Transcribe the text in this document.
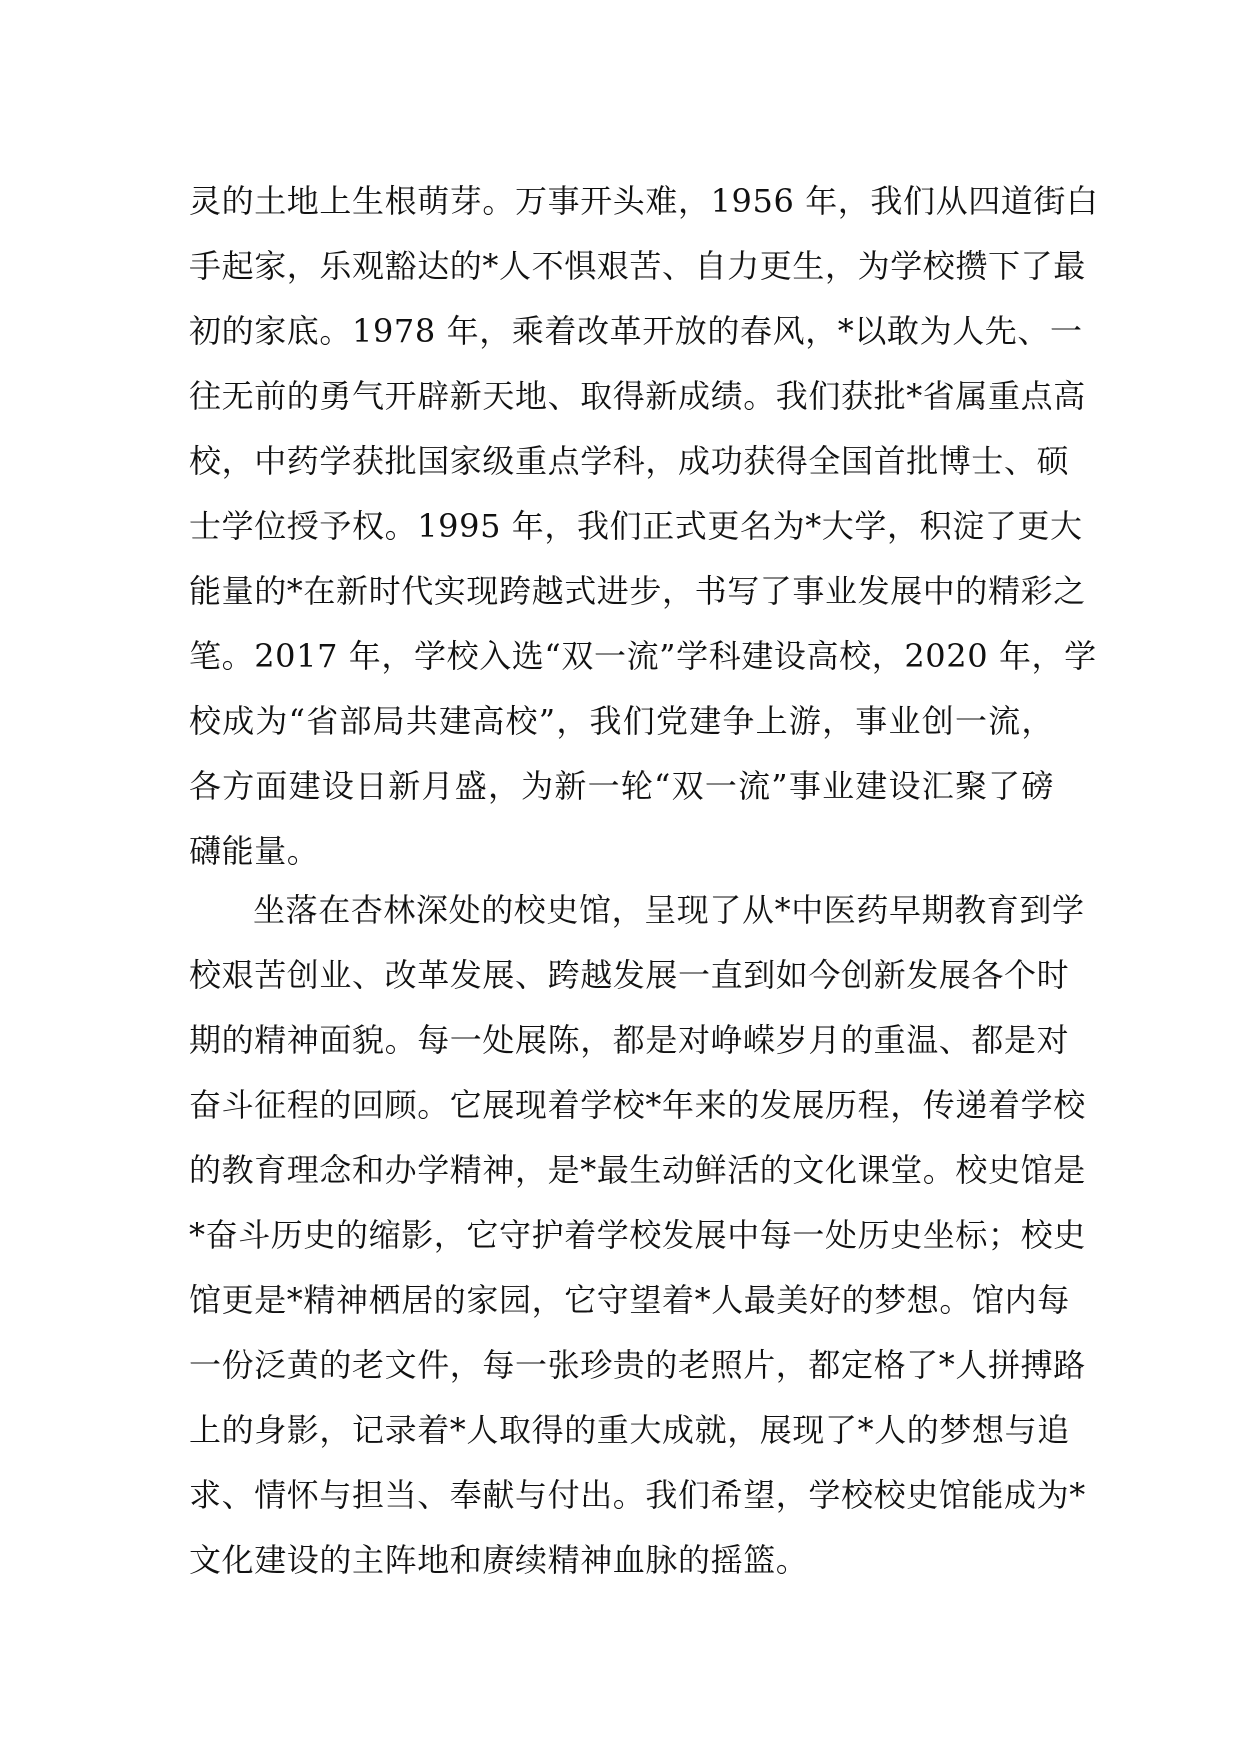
灵的土地上生根萌芽。万事开头难，1956 年，我们从四道街白
手起家，乐观豁达的*人不惧艰苦、自力更生，为学校攒下了最
初的家底。1978 年，乘着改革开放的春风，*以敢为人先、一
往无前的勇气开辟新天地、取得新成绩。我们获批*省属重点高
校，中药学获批国家级重点学科，成功获得全国首批博士、硕
士学位授予权。1995 年，我们正式更名为*大学，积淀了更大
能量的*在新时代实现跨越式进步，书写了事业发展中的精彩之
笔。2017 年，学校入选“双一流”学科建设高校，2020 年，学
校成为“省部局共建高校”，我们党建争上游，事业创一流，
各方面建设日新月盛，为新一轮“双一流”事业建设汇聚了磅
礴能量。

坐落在杏林深处的校史馆，呈现了从*中医药早期教育到学
校艰苦创业、改革发展、跨越发展一直到如今创新发展各个时
期的精神面貌。每一处展陈，都是对峥嵘岁月的重温、都是对
奋斗征程的回顾。它展现着学校*年来的发展历程，传递着学校
的教育理念和办学精神，是*最生动鲜活的文化课堂。校史馆是
*奋斗历史的缩影，它守护着学校发展中每一处历史坐标；校史
馆更是*精神栖居的家园，它守望着*人最美好的梦想。馆内每
一份泛黄的老文件，每一张珍贵的老照片，都定格了*人拼搏路
上的身影，记录着*人取得的重大成就，展现了*人的梦想与追
求、情怀与担当、奉献与付出。我们希望，学校校史馆能成为*
文化建设的主阵地和赓续精神血脉的摇篮。
